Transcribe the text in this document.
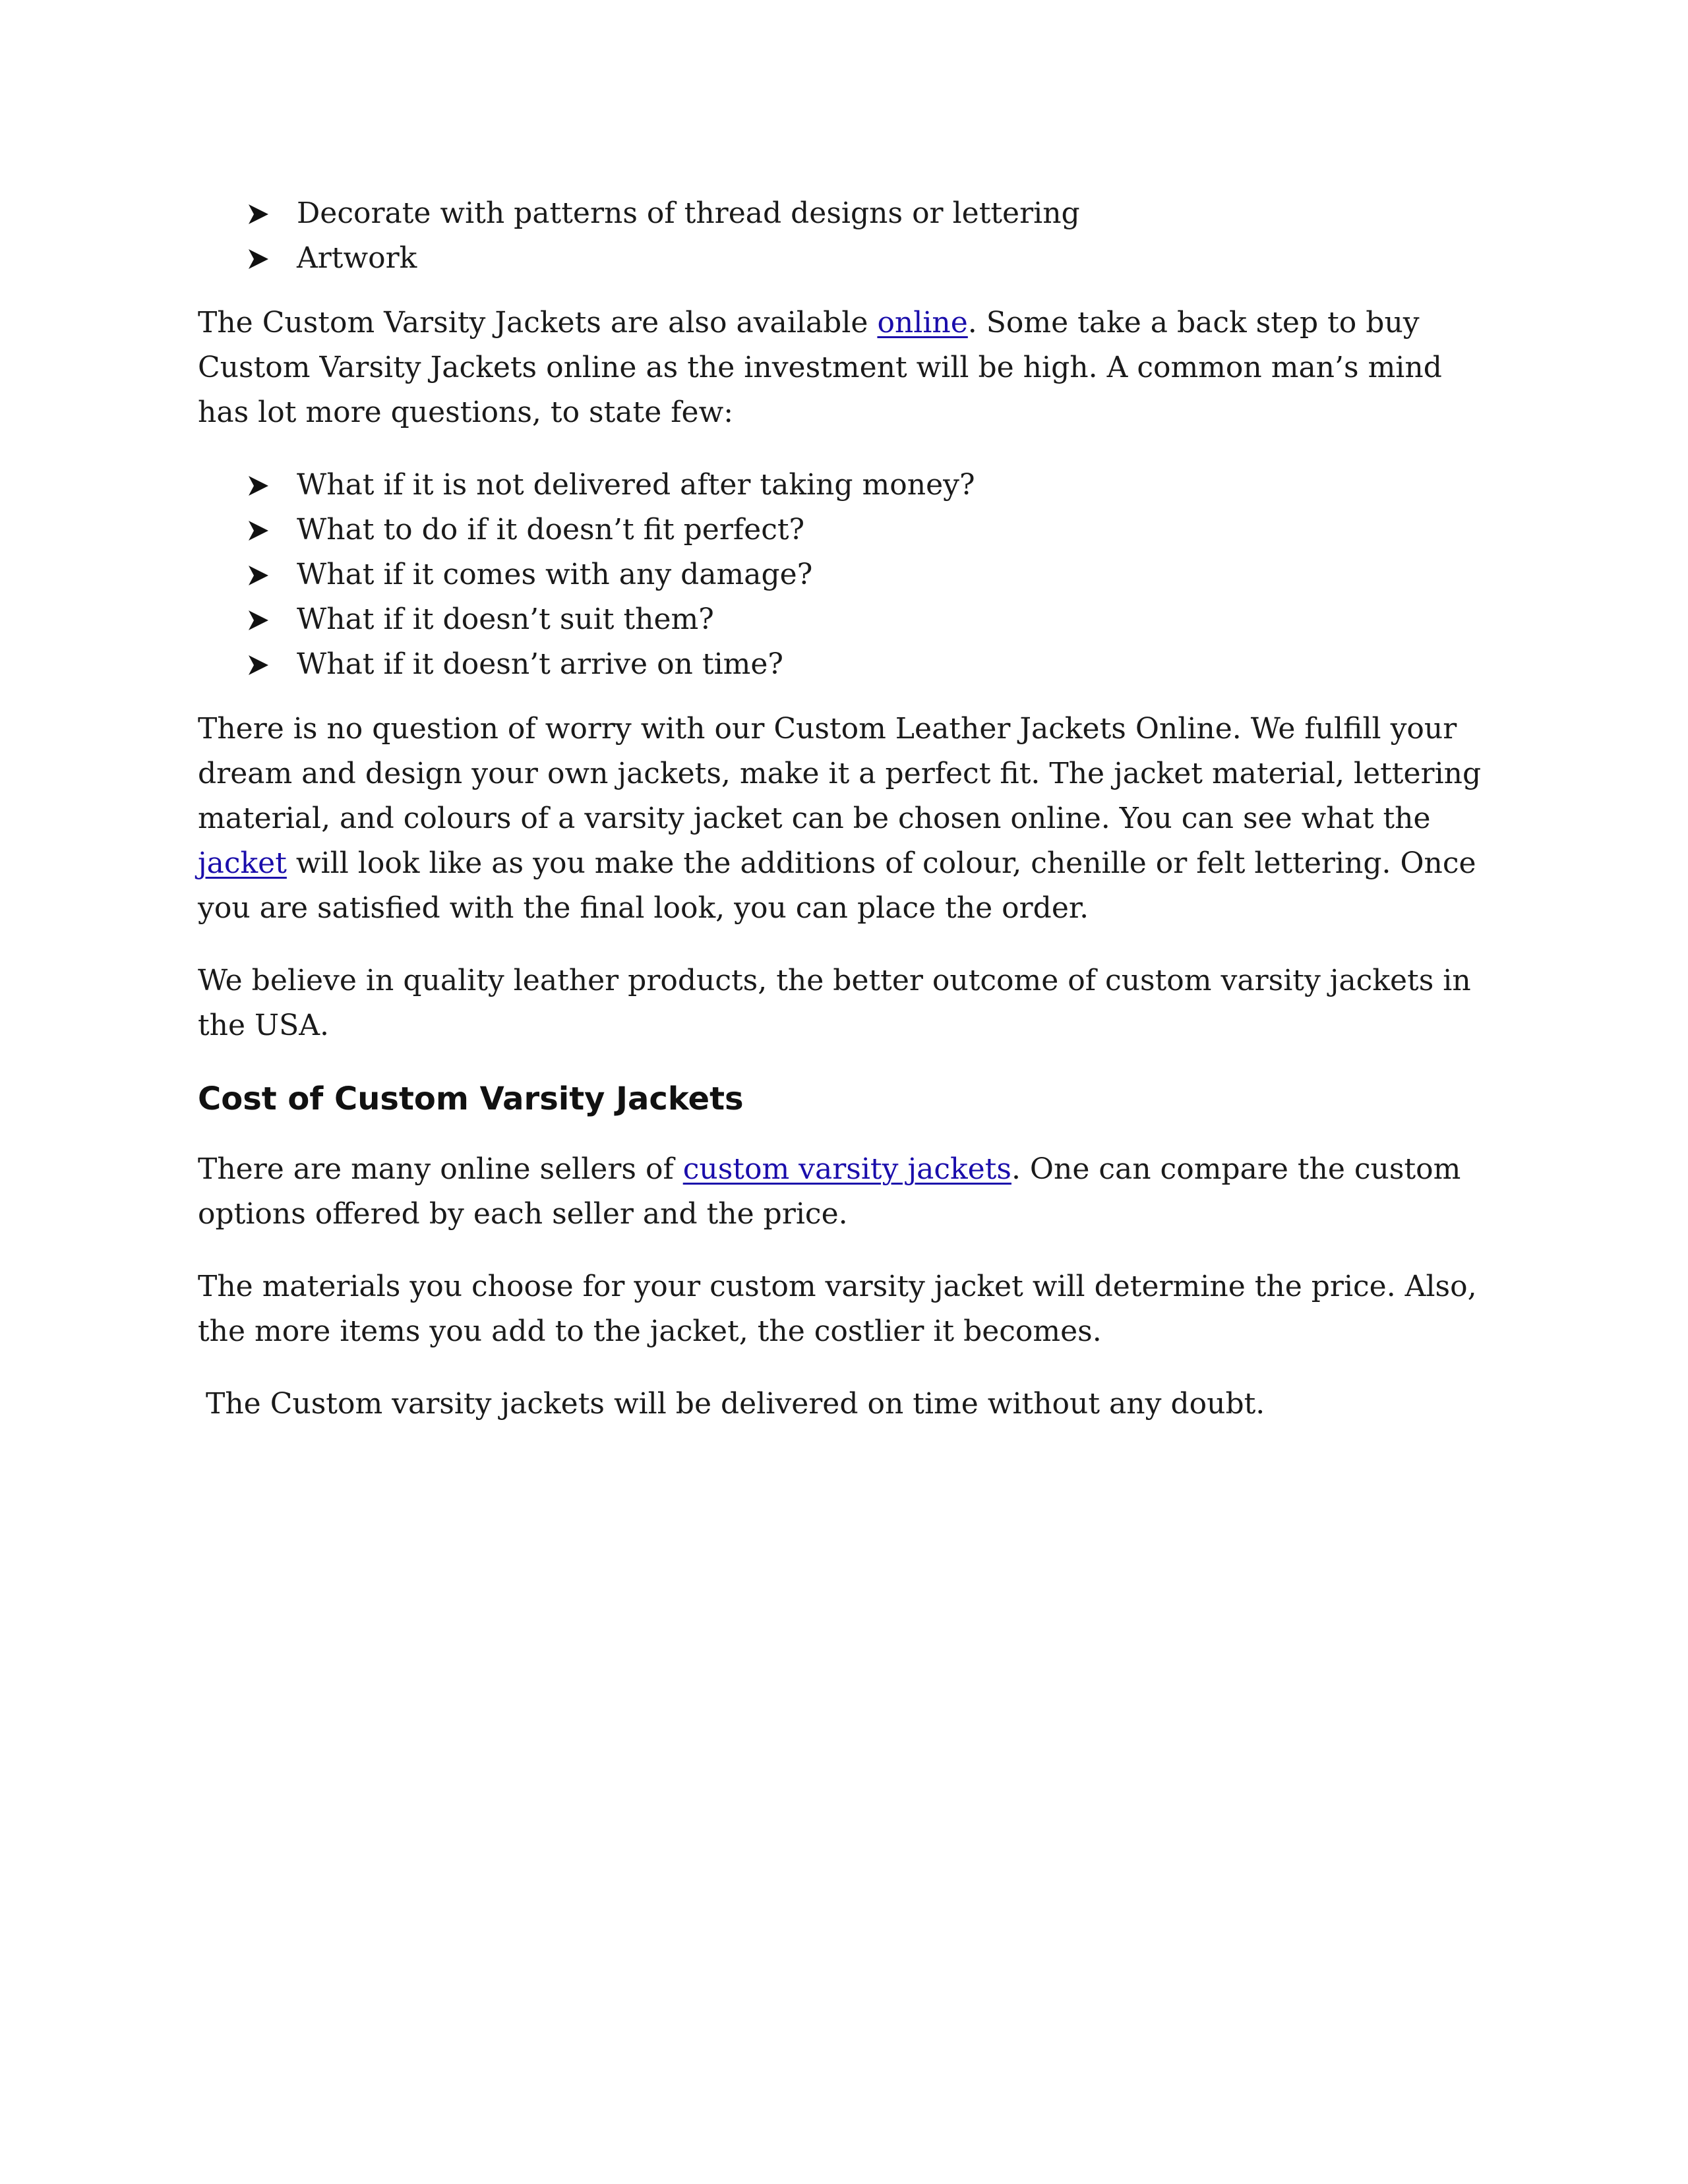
Decorate with patterns of thread designs or lettering
Artwork

The Custom Varsity Jackets are also available online. Some take a back step to buy Custom Varsity Jackets online as the investment will be high. A common man’s mind has lot more questions, to state few:

What if it is not delivered after taking money?
What to do if it doesn’t fit perfect?
What if it comes with any damage?
What if it doesn’t suit them?
What if it doesn’t arrive on time?

There is no question of worry with our Custom Leather Jackets Online. We fulfill your dream and design your own jackets, make it a perfect fit. The jacket material, lettering material, and colours of a varsity jacket can be chosen online. You can see what the jacket will look like as you make the additions of colour, chenille or felt lettering. Once you are satisfied with the final look, you can place the order.

We believe in quality leather products, the better outcome of custom varsity jackets in the USA.

Cost of Custom Varsity Jackets

There are many online sellers of custom varsity jackets. One can compare the custom options offered by each seller and the price.

The materials you choose for your custom varsity jacket will determine the price. Also, the more items you add to the jacket, the costlier it becomes.

The Custom varsity jackets will be delivered on time without any doubt.
